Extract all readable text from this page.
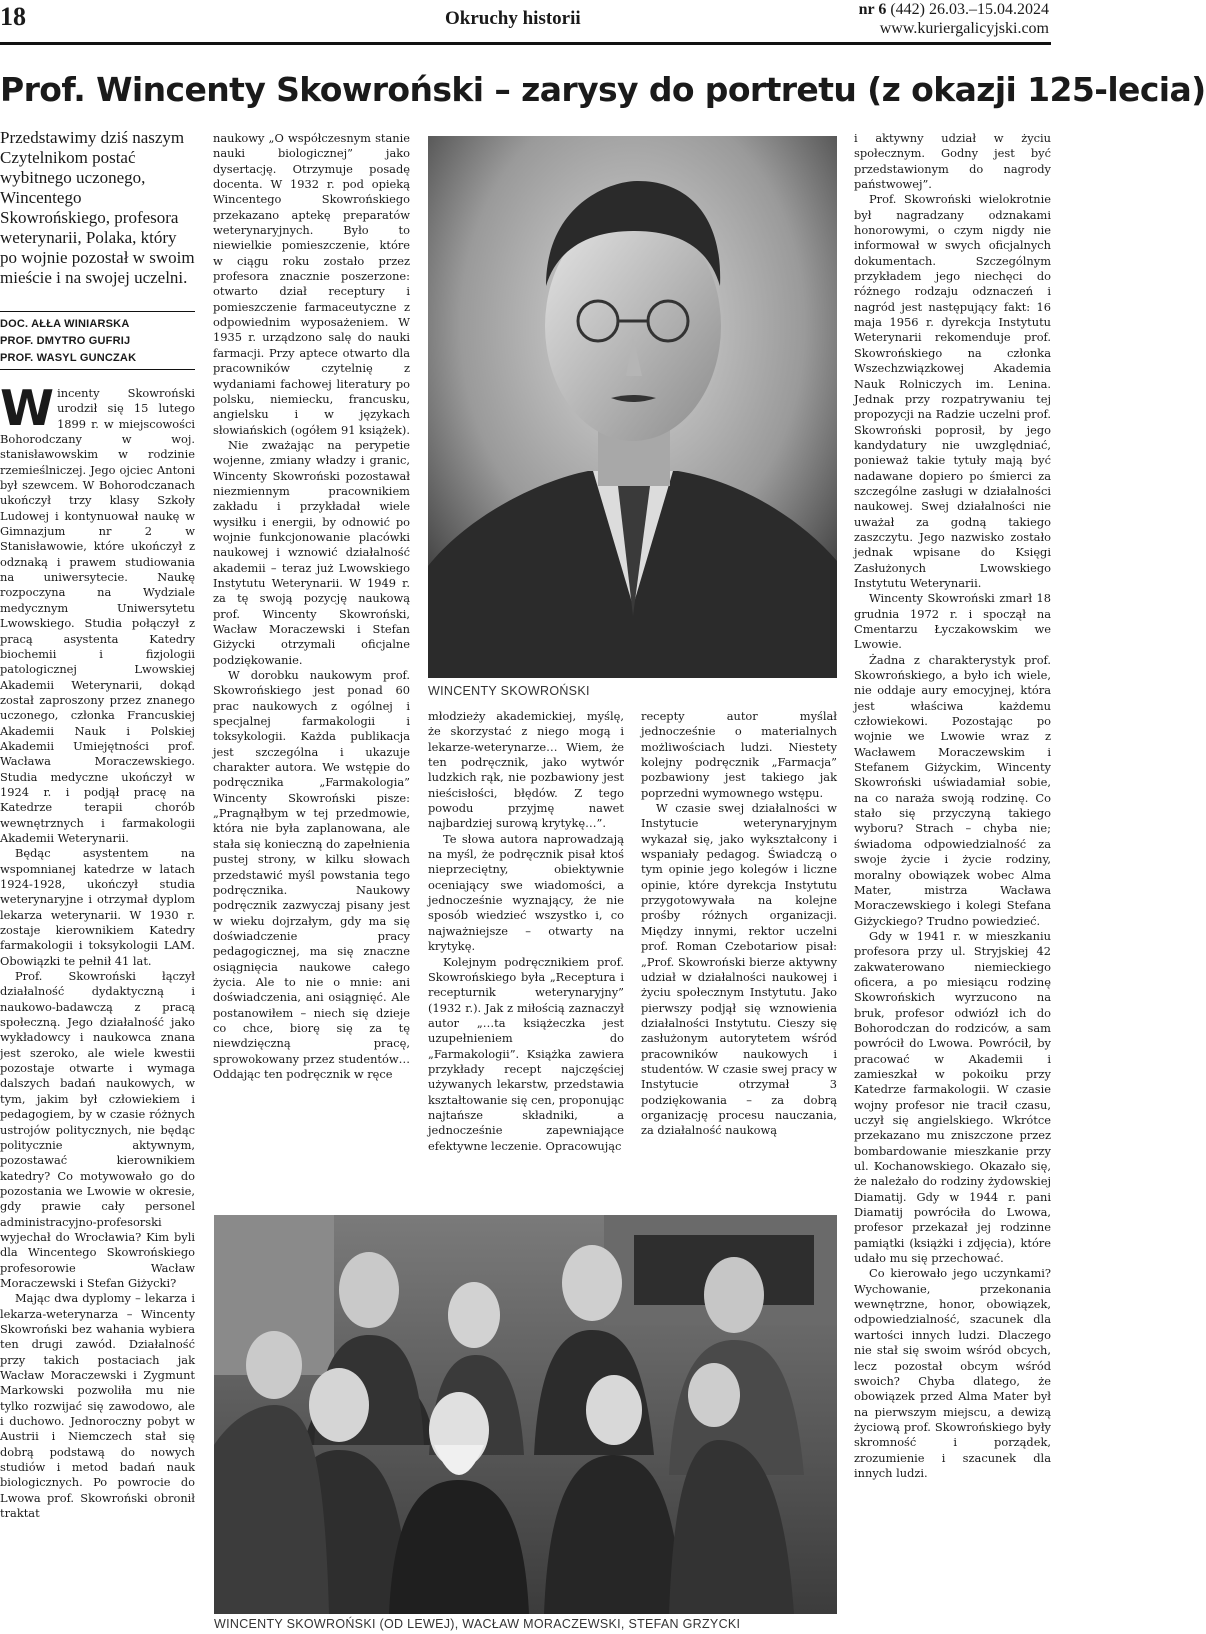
18	Okruchy historii	nr 6 (442) 26.03.–15.04.2024
www.kuriergalicyjski.com
Prof. Wincenty Skowroński – zarysy do portretu (z okazji 125-lecia)
Przedstawimy dziś naszym Czytelnikom postać wybitnego uczonego, Wincentego Skowrońskiego, profesora weterynarii, Polaka, który po wojnie pozostał w swoim mieście i na swojej uczelni.
DOC. AŁŁA WINIARSKA
PROF. DMYTRO GUFRIJ
PROF. WASYL GUNCZAK

Wincenty Skowroński urodził się 15 lutego 1899 r. w miejscowości Bohorodczany w woj. stanisławowskim w rodzinie rzemieślniczej. Jego ojciec Antoni był szewcem. W Bohorodczanach ukończył trzy klasy Szkoły Ludowej i kontynuował naukę w Gimnazjum nr 2 w Stanisławowie, które ukończył z odznaką i prawem studiowania na uniwersytecie. Naukę rozpoczyna na Wydziale medycznym Uniwersytetu Lwowskiego. Studia połączył z pracą asystenta Katedry biochemii i fizjologii patologicznej Lwowskiej Akademii Weterynarii, dokąd został zaproszony przez znanego uczonego, członka Francuskiej Akademii Nauk i Polskiej Akademii Umiejętności prof. Wacława Moraczewskiego. Studia medyczne ukończył w 1924 r. i podjął pracę na Katedrze terapii chorób wewnętrznych i farmakologii Akademii Weterynarii.

Będąc asystentem na wspomnianej katedrze w latach 1924-1928, ukończył studia weterynaryjne i otrzymał dyplom lekarza weterynarii. W 1930 r. zostaje kierownikiem Katedry farmakologii i toksykologii LAM. Obowiązki te pełnił 41 lat.

Prof. Skowroński łączył działalność dydaktyczną i naukowo-badawczą z pracą społeczną. Jego działalność jako wykładowcy i naukowca znana jest szeroko, ale wiele kwestii pozostaje otwarte i wymaga dalszych badań naukowych, w tym, jakim był człowiekiem i pedagogiem, by w czasie różnych ustrojów politycznych, nie będąc politycznie aktywnym, pozostawać kierownikiem katedry? Co motywowało go do pozostania we Lwowie w okresie, gdy prawie cały personel administracyjno-profesorski wyjechał do Wrocławia? Kim byli dla Wincentego Skowrońskiego profesorowie Wacław Moraczewski i Stefan Giżycki?

Mając dwa dyplomy – lekarza i lekarza-weterynarza – Wincenty Skowroński bez wahania wybiera ten drugi zawód. Działalność przy takich postaciach jak Wacław Moraczewski i Zygmunt Markowski pozwoliła mu nie tylko rozwijać się zawodowo, ale i duchowo. Jednoroczny pobyt w Austrii i Niemczech stał się dobrą podstawą do nowych studiów i metod badań nauk biologicznych. Po powrocie do Lwowa prof. Skowroński obronił traktat

naukowy „O współczesnym stanie nauki biologicznej” jako dysertację. Otrzymuje posadę docenta. W 1932 r. pod opieką Wincentego Skowrońskiego przekazano aptekę preparatów weterynaryjnych. Było to niewielkie pomieszczenie, które w ciągu roku zostało przez profesora znacznie poszerzone: otwarto dział receptury i pomieszczenie farmaceutyczne z odpowiednim wyposażeniem. W 1935 r. urządzono salę do nauki farmacji. Przy aptece otwarto dla pracowników czytelnię z wydaniami fachowej literatury po polsku, niemiecku, francusku, angielsku i w językach słowiańskich (ogółem 91 książek).

Nie zważając na perypetie wojenne, zmiany władzy i granic, Wincenty Skowroński pozostawał niezmiennym pracownikiem zakładu i przykładał wiele wysiłku i energii, by odnowić po wojnie funkcjonowanie placówki naukowej i wznowić działalność akademii – teraz już Lwowskiego Instytutu Weterynarii. W 1949 r. za tę swoją pozycję naukową prof. Wincenty Skowroński, Wacław Moraczewski i Stefan Giżycki otrzymali oficjalne podziękowanie.

W dorobku naukowym prof. Skowrońskiego jest ponad 60 prac naukowych z ogólnej i specjalnej farmakologii i toksykologii. Każda publikacja jest szczególna i ukazuje charakter autora. We wstępie do podręcznika „Farmakologia” Wincenty Skowroński pisze: „Pragnąłbym w tej przedmowie, która nie była zaplanowana, ale stała się konieczną do zapełnienia pustej strony, w kilku słowach przedstawić myśl powstania tego podręcznika. Naukowy podręcznik zazwyczaj pisany jest w wieku dojrzałym, gdy ma się doświadczenie pracy pedagogicznej, ma się znaczne osiągnięcia naukowe całego życia. Ale to nie o mnie: ani doświadczenia, ani osiągnięć. Ale postanowiłem – niech się dzieje co chce, biorę się za tę niewdzięczną pracę, sprowokowany przez studentów… Oddając ten podręcznik w ręce

WINCENTY SKOWROŃSKI

młodzieży akademickiej, myślę, że skorzystać z niego mogą i lekarze-weterynarze… Wiem, że ten podręcznik, jako wytwór ludzkich rąk, nie pozbawiony jest nieścisłości, błędów. Z tego powodu przyjmę nawet najbardziej surową krytykę…”.

Te słowa autora naprowadzają na myśl, że podręcznik pisał ktoś nieprzeciętny, obiektywnie oceniający swe wiadomości, a jednocześnie wyznający, że nie sposób wiedzieć wszystko i, co najważniejsze – otwarty na krytykę.

Kolejnym podręcznikiem prof. Skowrońskiego była „Receptura i recepturnik weterynaryjny” (1932 r.). Jak z miłością zaznaczył autor „…ta książeczka jest uzupełnieniem do „Farmakologii”. Książka zawiera przykłady recept najczęściej używanych lekarstw, przedstawia kształtowanie się cen, proponując najtańsze składniki, a jednocześnie zapewniające efektywne leczenie. Opracowując

recepty autor myślał jednocześnie o materialnych możliwościach ludzi. Niestety kolejny podręcznik „Farmacja” pozbawiony jest takiego jak poprzedni wymownego wstępu.

W czasie swej działalności w Instytucie weterynaryjnym wykazał się, jako wykształcony i wspaniały pedagog. Świadczą o tym opinie jego kolegów i liczne opinie, które dyrekcja Instytutu przygotowywała na kolejne prośby różnych organizacji. Między innymi, rektor uczelni prof. Roman Czebotariow pisał: „Prof. Skowroński bierze aktywny udział w działalności naukowej i życiu społecznym Instytutu. Jako pierwszy podjął się wznowienia działalności Instytutu. Cieszy się zasłużonym autorytetem wśród pracowników naukowych i studentów. W czasie swej pracy w Instytucie otrzymał 3 podziękowania – za dobrą organizację procesu nauczania, za działalność naukową

i aktywny udział w życiu społecznym. Godny jest być przedstawionym do nagrody państwowej”.

Prof. Skowroński wielokrotnie był nagradzany odznakami honorowymi, o czym nigdy nie informował w swych oficjalnych dokumentach. Szczególnym przykładem jego niechęci do różnego rodzaju odznaczeń i nagród jest następujący fakt: 16 maja 1956 r. dyrekcja Instytutu Weterynarii rekomenduje prof. Skowrońskiego na członka Wszechzwiązkowej Akademia Nauk Rolniczych im. Lenina. Jednak przy rozpatrywaniu tej propozycji na Radzie uczelni prof. Skowroński poprosił, by jego kandydatury nie uwzględniać, ponieważ takie tytuły mają być nadawane dopiero po śmierci za szczególne zasługi w działalności naukowej. Swej działalności nie uważał za godną takiego zaszczytu. Jego nazwisko zostało jednak wpisane do Księgi Zasłużonych Lwowskiego Instytutu Weterynarii.

Wincenty Skowroński zmarł 18 grudnia 1972 r. i spoczął na Cmentarzu Łyczakowskim we Lwowie.

Żadna z charakterystyk prof. Skowrońskiego, a było ich wiele, nie oddaje aury emocyjnej, która jest właściwa każdemu człowiekowi. Pozostając po wojnie we Lwowie wraz z Wacławem Moraczewskim i Stefanem Giżyckim, Wincenty Skowroński uświadamiał sobie, na co naraża swoją rodzinę. Co stało się przyczyną takiego wyboru? Strach – chyba nie; świadoma odpowiedzialność za swoje życie i życie rodziny, moralny obowiązek wobec Alma Mater, mistrza Wacława Moraczewskiego i kolegi Stefana Giżyckiego? Trudno powiedzieć.

Gdy w 1941 r. w mieszkaniu profesora przy ul. Stryjskiej 42 zakwaterowano niemieckiego oficera, a po miesiącu rodzinę Skowrońskich wyrzucono na bruk, profesor odwiózł ich do Bohorodczan do rodziców, a sam powrócił do Lwowa. Powrócił, by pracować w Akademii i zamieszkał w pokoiku przy Katedrze farmakologii. W czasie wojny profesor nie tracił czasu, uczył się angielskiego. Wkrótce przekazano mu zniszczone przez bombardowanie mieszkanie przy ul. Kochanowskiego. Okazało się, że należało do rodziny żydowskiej Diamatij. Gdy w 1944 r. pani Diamatij powróciła do Lwowa, profesor przekazał jej rodzinne pamiątki (książki i zdjęcia), które udało mu się przechować.

Co kierowało jego uczynkami? Wychowanie, przekonania wewnętrzne, honor, obowiązek, odpowiedzialność, szacunek dla wartości innych ludzi. Dlaczego nie stał się swoim wśród obcych, lecz pozostał obcym wśród swoich? Chyba dlatego, że obowiązek przed Alma Mater był na pierwszym miejscu, a dewizą życiową prof. Skowrońskiego były skromność i porządek, zrozumienie i szacunek dla innych ludzi.

WINCENTY SKOWROŃSKI (OD LEWEJ), WACŁAW MORACZEWSKI, STEFAN GRZYCKI
